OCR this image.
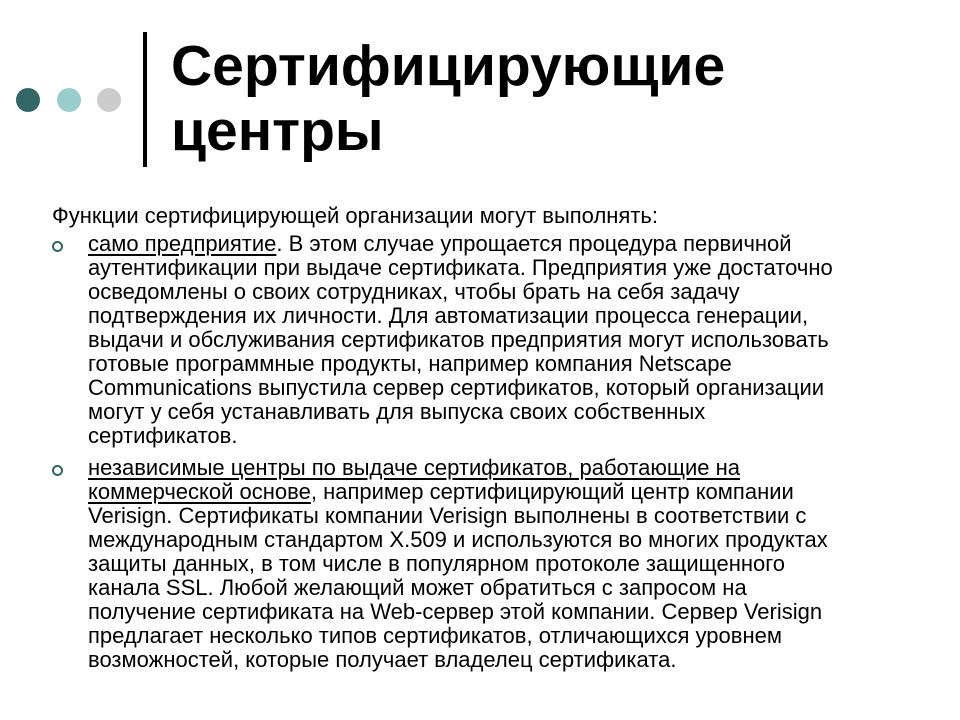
Сертифицирующие
центры
Функции сертифицирующей организации могут выполнять:
само предприятие. В этом случае упрощается процедура первичной
аутентификации при выдаче сертификата. Предприятия уже достаточно
осведомлены о своих сотрудниках, чтобы брать на себя задачу
подтверждения их личности. Для автоматизации процесса генерации,
выдачи и обслуживания сертификатов предприятия могут использовать
готовые программные продукты, например компания Netscape
Communications выпустила сервер сертификатов, который организации
могут у себя устанавливать для выпуска своих собственных
сертификатов.
независимые центры по выдаче сертификатов, работающие на
коммерческой основе, например сертифицирующий центр компании
Verisign. Сертификаты компании Verisign выполнены в соответствии с
международным стандартом X.509 и используются во многих продуктах
защиты данных, в том числе в популярном протоколе защищенного
канала SSL. Любой желающий может обратиться с запросом на
получение сертификата на Web-сервер этой компании. Сервер Verisign
предлагает несколько типов сертификатов, отличающихся уровнем
возможностей, которые получает владелец сертификата.
